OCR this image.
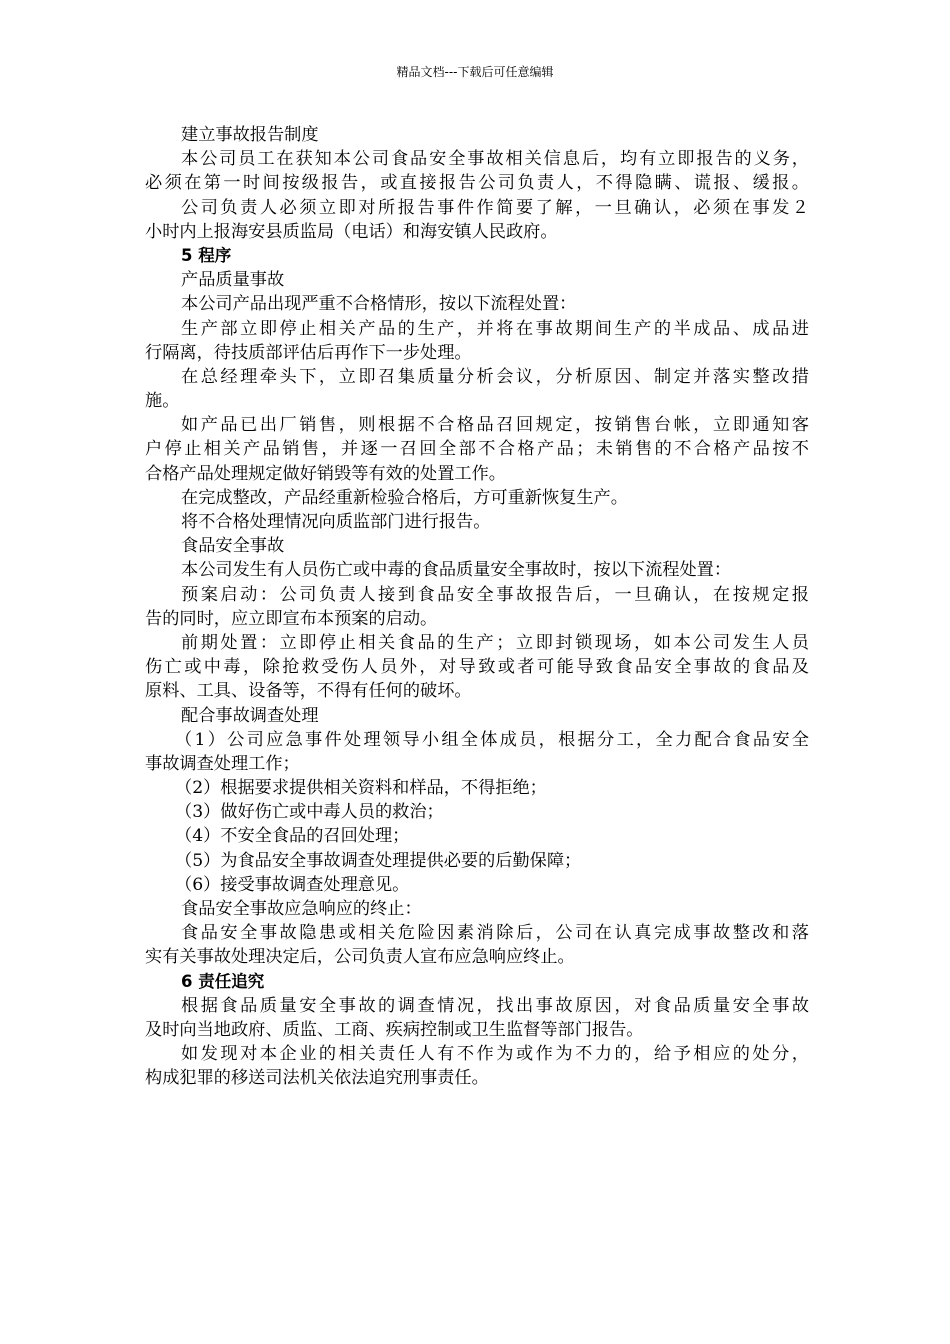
精品文档---下载后可任意编辑
建立事故报告制度
本公司员工在获知本公司食品安全事故相关信息后，均有立即报告的义务，
必须在第一时间按级报告，或直接报告公司负责人，不得隐瞒、谎报、缓报。
公司负责人必须立即对所报告事件作简要了解，一旦确认，必须在事发２
小时内上报海安县质监局（电话）和海安镇人民政府。
5 程序
产品质量事故
本公司产品出现严重不合格情形，按以下流程处置：
生产部立即停止相关产品的生产，并将在事故期间生产的半成品、成品进
行隔离，待技质部评估后再作下一步处理。
在总经理牵头下，立即召集质量分析会议，分析原因、制定并落实整改措
施。
如产品已出厂销售，则根据不合格品召回规定，按销售台帐，立即通知客
户停止相关产品销售，并逐一召回全部不合格产品；未销售的不合格产品按不
合格产品处理规定做好销毁等有效的处置工作。
在完成整改，产品经重新检验合格后，方可重新恢复生产。
将不合格处理情况向质监部门进行报告。
食品安全事故
本公司发生有人员伤亡或中毒的食品质量安全事故时，按以下流程处置：
预案启动：公司负责人接到食品安全事故报告后，一旦确认，在按规定报
告的同时，应立即宣布本预案的启动。
前期处置：立即停止相关食品的生产；立即封锁现场，如本公司发生人员
伤亡或中毒，除抢救受伤人员外，对导致或者可能导致食品安全事故的食品及
原料、工具、设备等，不得有任何的破坏。
配合事故调查处理
（1）公司应急事件处理领导小组全体成员，根据分工，全力配合食品安全
事故调查处理工作；
（2）根据要求提供相关资料和样品，不得拒绝；
（3）做好伤亡或中毒人员的救治；
（4）不安全食品的召回处理；
（5）为食品安全事故调查处理提供必要的后勤保障；
（6）接受事故调查处理意见。
食品安全事故应急响应的终止：
食品安全事故隐患或相关危险因素消除后，公司在认真完成事故整改和落
实有关事故处理决定后，公司负责人宣布应急响应终止。
6 责任追究
根据食品质量安全事故的调查情况，找出事故原因，对食品质量安全事故
及时向当地政府、质监、工商、疾病控制或卫生监督等部门报告。
如发现对本企业的相关责任人有不作为或作为不力的，给予相应的处分，
构成犯罪的移送司法机关依法追究刑事责任。
